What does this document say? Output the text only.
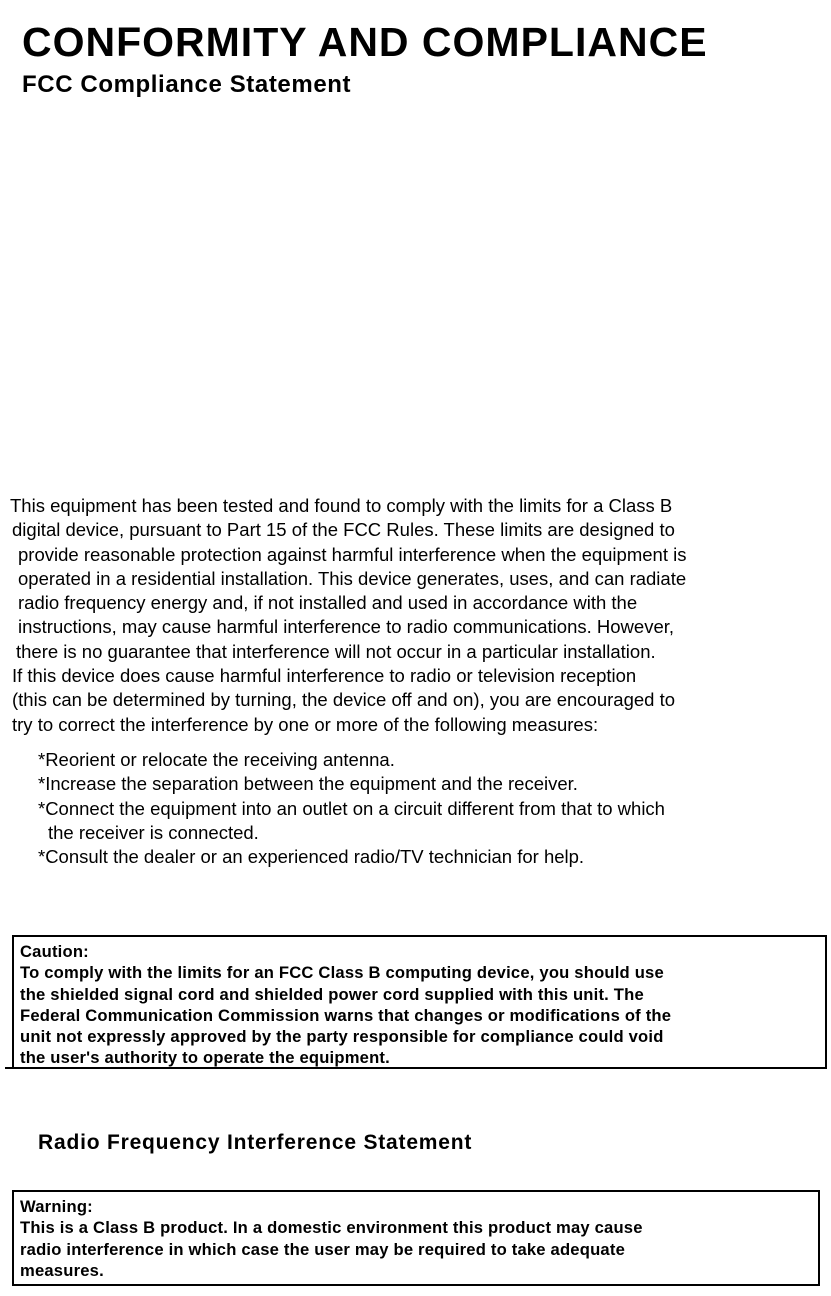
CONFORMITY AND COMPLIANCE
FCC Compliance Statement
This equipment has been tested and found to comply with the limits for a Class B
digital device, pursuant to Part 15 of the FCC Rules. These limits are designed to
provide reasonable protection against harmful interference when the equipment is
operated in a residential installation. This device generates, uses, and can radiate
radio frequency energy and, if not installed and used in accordance with the
instructions, may cause harmful interference to radio communications. However,
there is no guarantee that interference will not occur in a particular installation.
If this device does cause harmful interference to radio or television reception
(this can be determined by turning, the device off and on), you are encouraged to
try to correct the interference by one or more of the following measures:
*Reorient or relocate the receiving antenna.
*Increase the separation between the equipment and the receiver.
*Connect the equipment into an outlet on a circuit different from that to which
the receiver is connected.
*Consult the dealer or an experienced radio/TV technician for help.
Caution:
To comply with the limits for an FCC Class B computing device, you should use
the shielded signal cord and shielded power cord supplied with this unit. The
Federal Communication Commission warns that changes or modifications of the
unit not expressly approved by the party responsible for compliance could void
the user's authority to operate the equipment.
Radio Frequency Interference Statement
Warning:
This is a Class B product. In a domestic environment this product may cause
radio interference in which case the user may be required to take adequate
measures.
